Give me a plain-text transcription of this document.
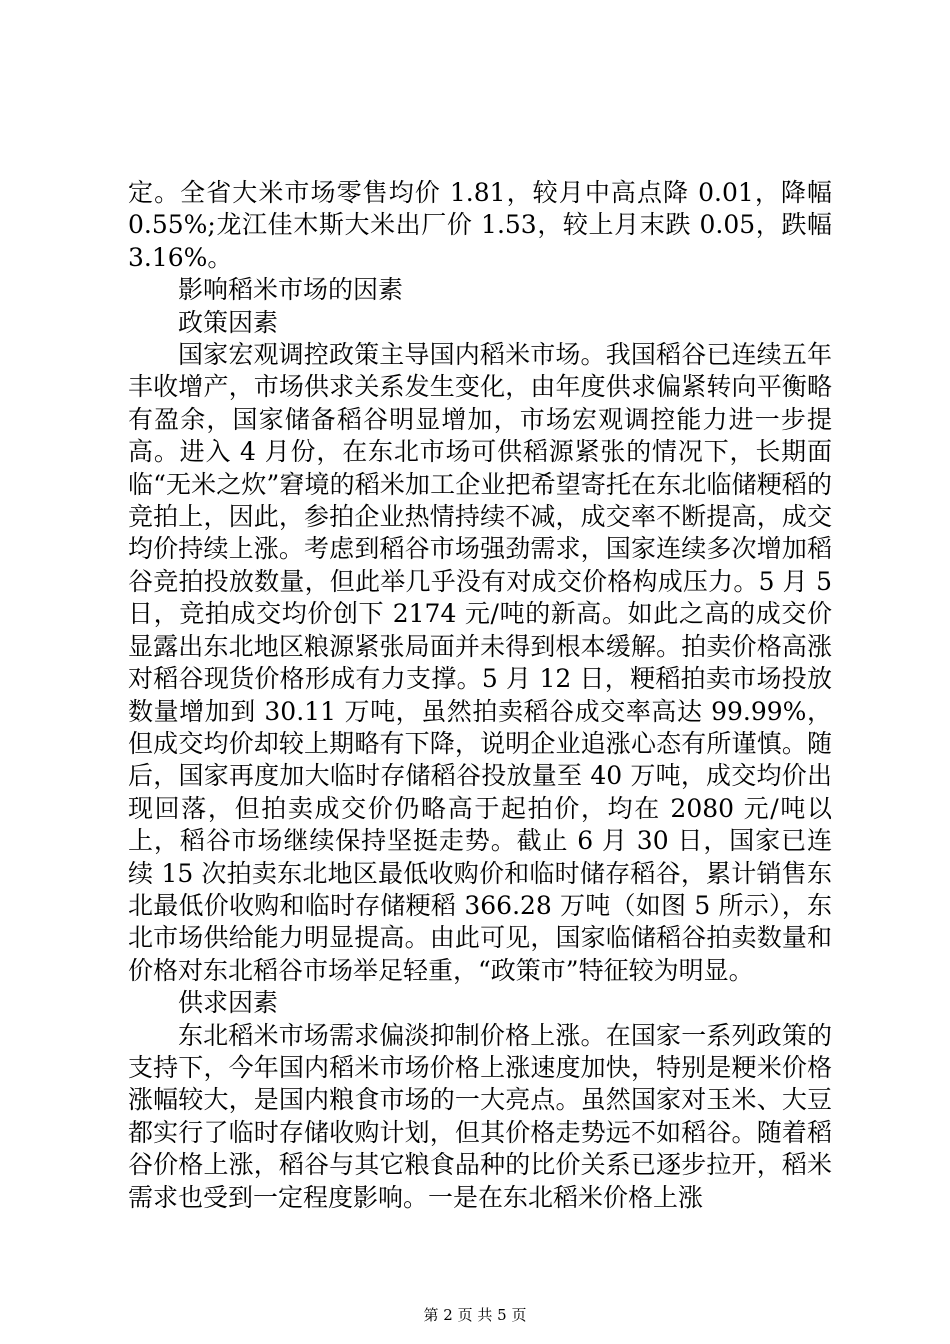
定。全省大米市场零售均价 1.81，较月中高点降 0.01，降幅 0.55%;龙江佳木斯大米出厂价 1.53，较上月末跌 0.05，跌幅 3.16%。

影响稻米市场的因素

政策因素

国家宏观调控政策主导国内稻米市场。我国稻谷已连续五年丰收增产，市场供求关系发生变化，由年度供求偏紧转向平衡略有盈余，国家储备稻谷明显增加，市场宏观调控能力进一步提高。进入 4 月份，在东北市场可供稻源紧张的情况下，长期面临“无米之炊”窘境的稻米加工企业把希望寄托在东北临储粳稻的竞拍上，因此，参拍企业热情持续不减，成交率不断提高，成交均价持续上涨。考虑到稻谷市场强劲需求，国家连续多次增加稻谷竞拍投放数量，但此举几乎没有对成交价格构成压力。5 月 5 日，竞拍成交均价创下 2174 元/吨的新高。如此之高的成交价显露出东北地区粮源紧张局面并未得到根本缓解。拍卖价格高涨对稻谷现货价格形成有力支撑。5 月 12 日，粳稻拍卖市场投放数量增加到 30.11 万吨，虽然拍卖稻谷成交率高达 99.99%，但成交均价却较上期略有下降，说明企业追涨心态有所谨慎。随后，国家再度加大临时存储稻谷投放量至 40 万吨，成交均价出现回落，但拍卖成交价仍略高于起拍价，均在 2080 元/吨以上，稻谷市场继续保持坚挺走势。截止 6 月 30 日，国家已连续 15 次拍卖东北地区最低收购价和临时储存稻谷，累计销售东北最低价收购和临时存储粳稻 366.28 万吨（如图 5 所示），东北市场供给能力明显提高。由此可见，国家临储稻谷拍卖数量和价格对东北稻谷市场举足轻重，“政策市”特征较为明显。

供求因素

东北稻米市场需求偏淡抑制价格上涨。在国家一系列政策的支持下，今年国内稻米市场价格上涨速度加快，特别是粳米价格涨幅较大，是国内粮食市场的一大亮点。虽然国家对玉米、大豆都实行了临时存储收购计划，但其价格走势远不如稻谷。随着稻谷价格上涨，稻谷与其它粮食品种的比价关系已逐步拉开，稻米需求也受到一定程度影响。一是在东北稻米价格上涨

第 2 页 共 5 页
